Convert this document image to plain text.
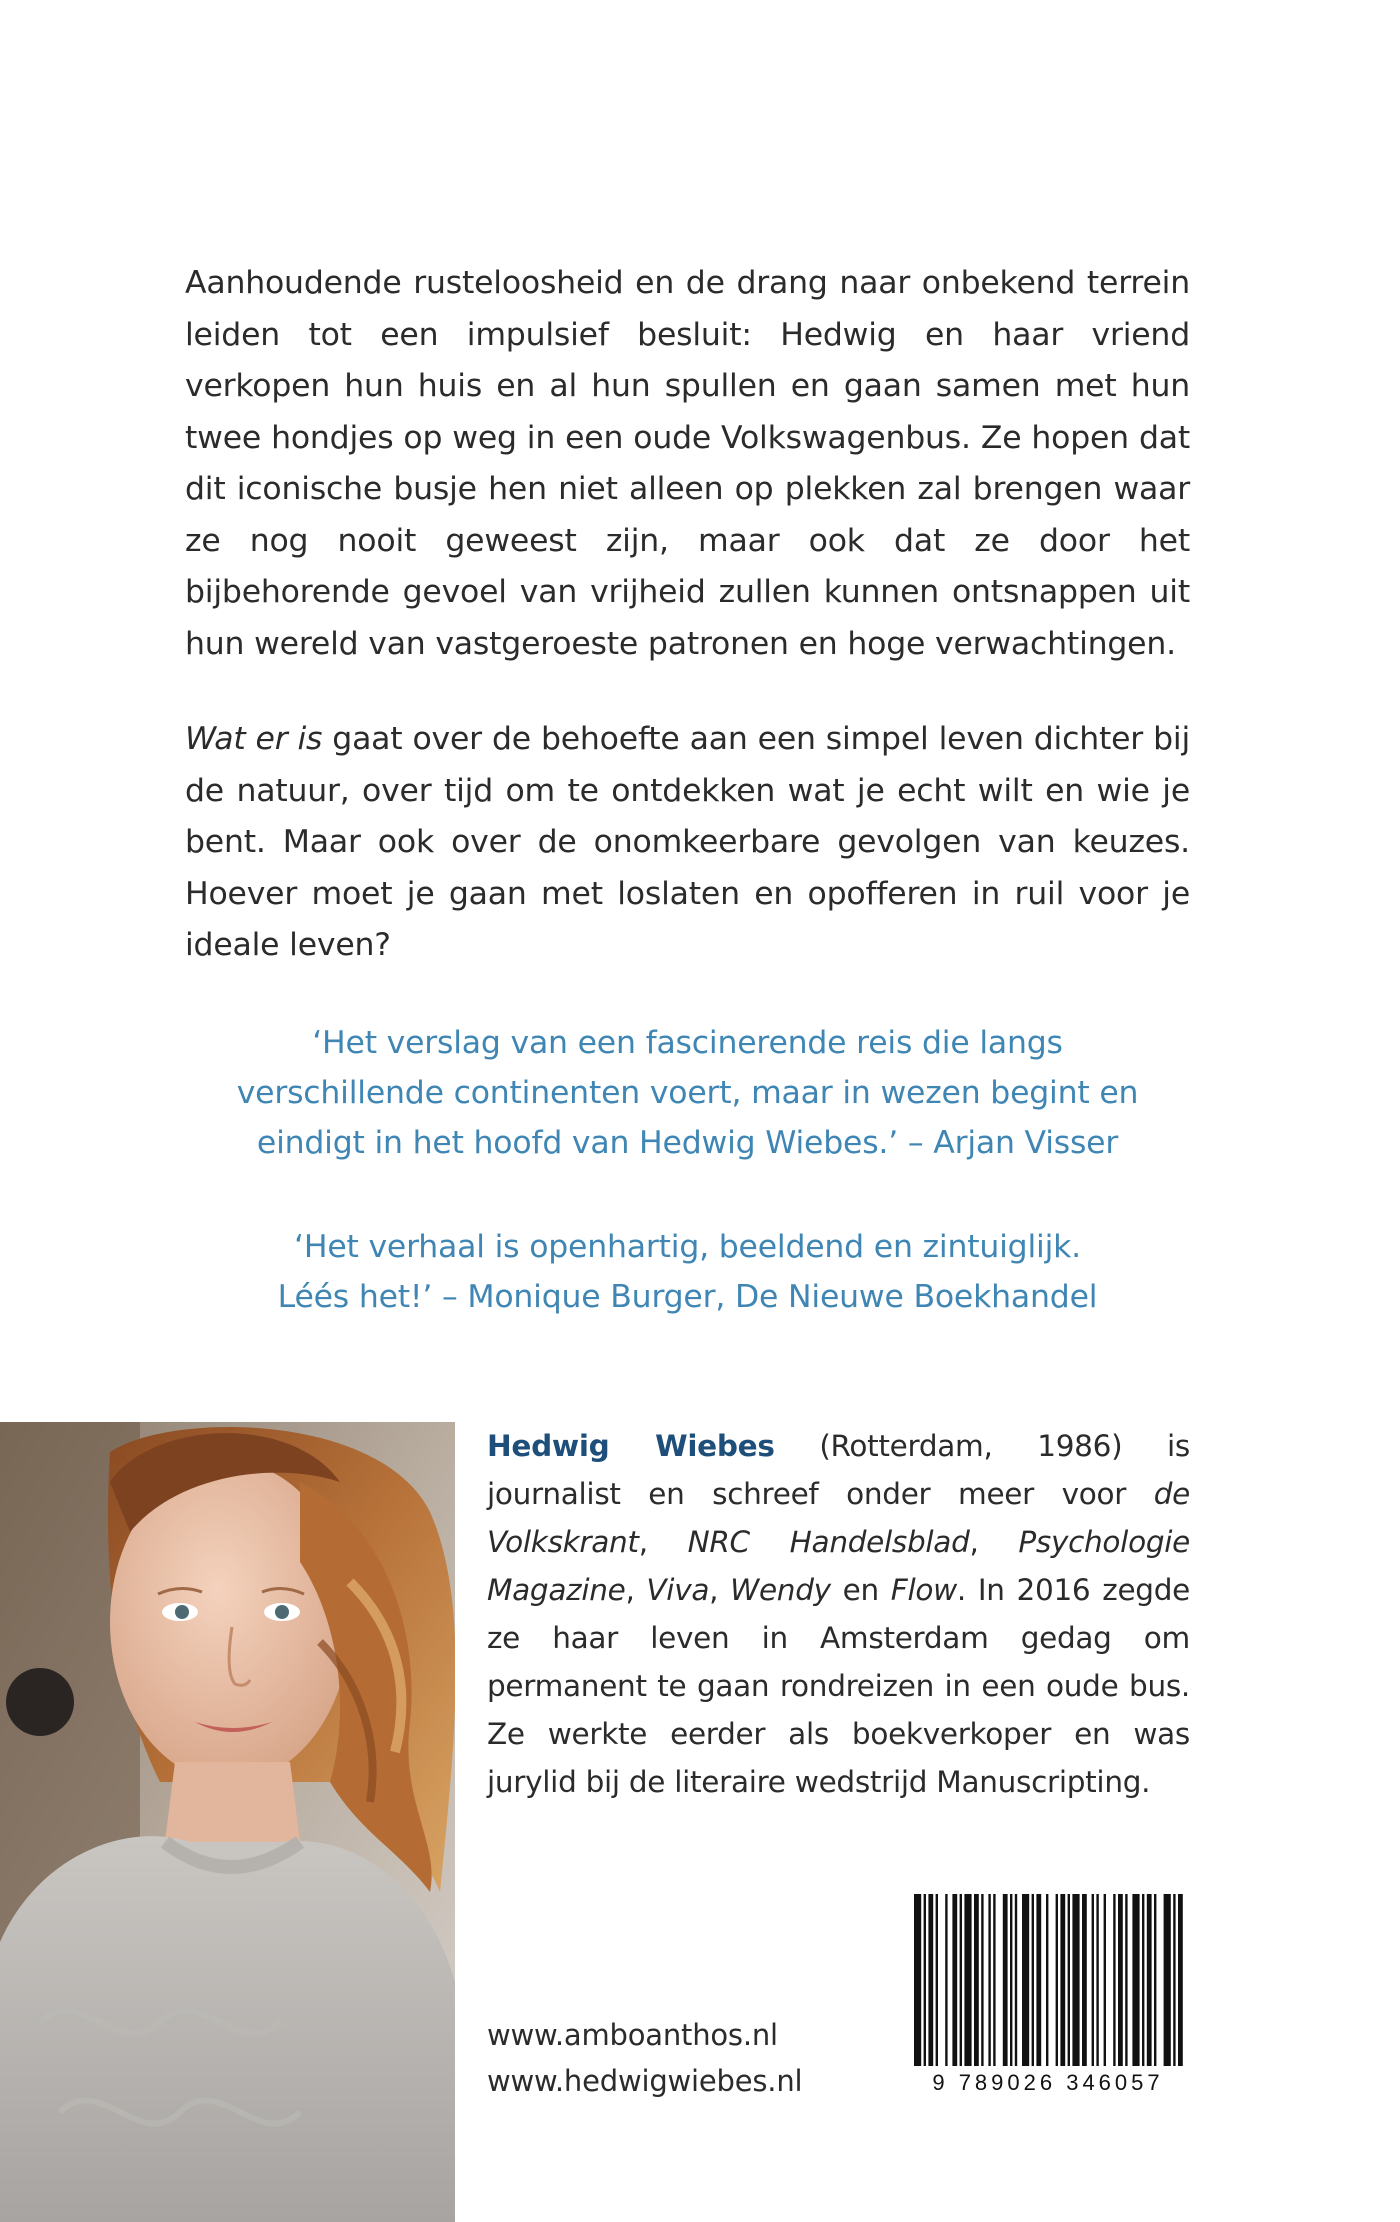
Aanhoudende rusteloosheid en de drang naar onbekend terrein leiden tot een impulsief besluit: Hedwig en haar vriend verkopen hun huis en al hun spullen en gaan samen met hun twee hondjes op weg in een oude Volkswagenbus. Ze hopen dat dit iconische busje hen niet alleen op plekken zal brengen waar ze nog nooit geweest zijn, maar ook dat ze door het bijbehorende gevoel van vrijheid zullen kunnen ontsnappen uit hun wereld van vastgeroeste patronen en hoge verwachtingen.

Wat er is gaat over de behoefte aan een simpel leven dichter bij de natuur, over tijd om te ontdekken wat je echt wilt en wie je bent. Maar ook over de onomkeerbare gevolgen van keuzes. Hoever moet je gaan met loslaten en opofferen in ruil voor je ideale leven?

‘Het verslag van een fascinerende reis die langs
verschillende continenten voert, maar in wezen begint en
eindigt in het hoofd van Hedwig Wiebes.’ – Arjan Visser
‘Het verhaal is openhartig, beeldend en zintuiglijk.
Léés het!’ – Monique Burger, De Nieuwe Boekhandel

Hedwig Wiebes (Rotterdam, 1986) is journalist en schreef onder meer voor de Volkskrant, NRC Handelsblad, Psychologie Magazine, Viva, Wendy en Flow. In 2016 zegde ze haar leven in Amsterdam gedag om permanent te gaan rondreizen in een oude bus. Ze werkte eerder als boekverkoper en was jurylid bij de literaire wedstrijd Manuscripting.

www.amboanthos.nl
www.hedwigwiebes.nl	9 789026 346057
